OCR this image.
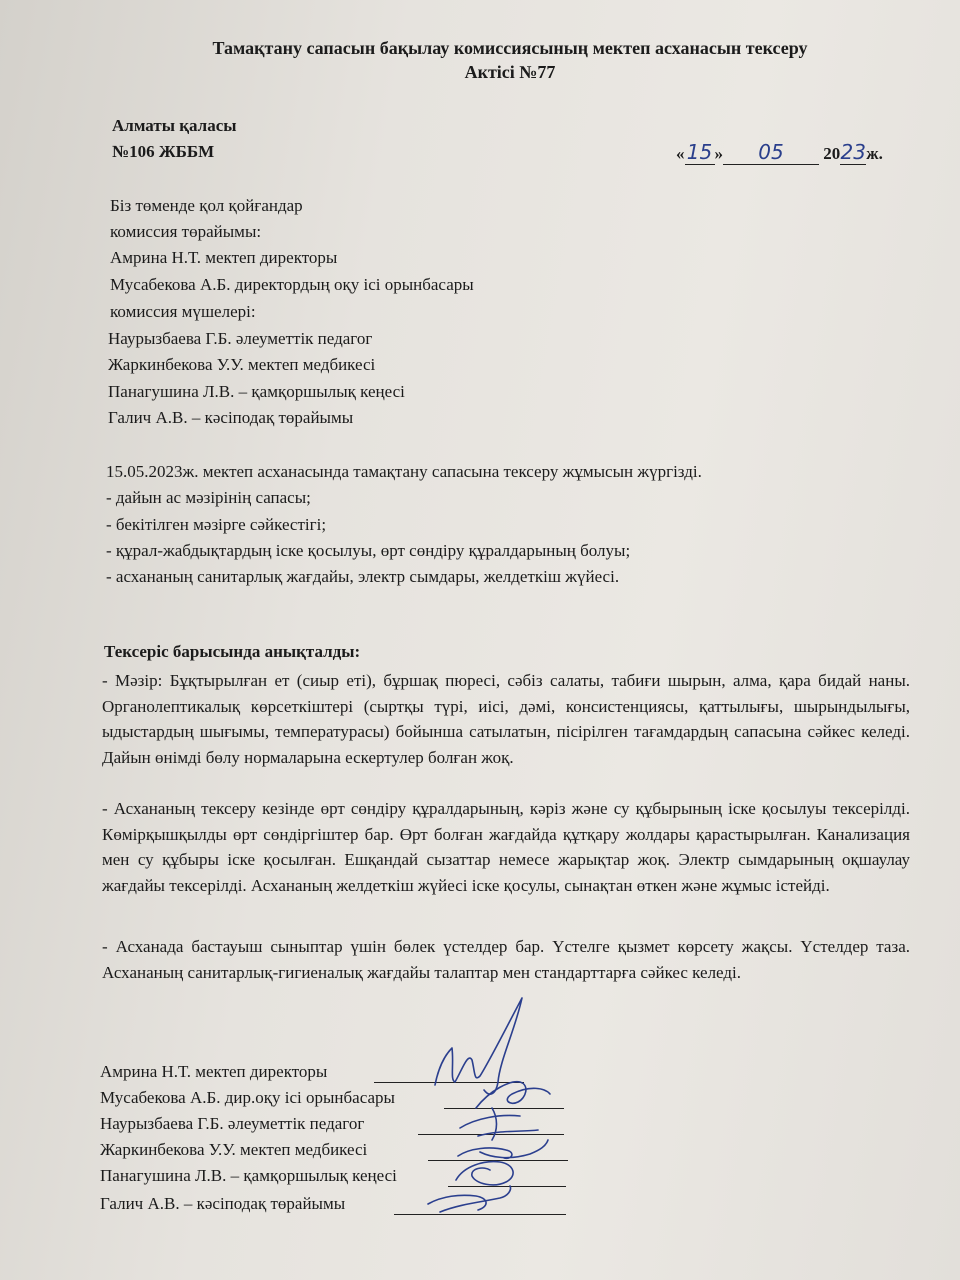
Тамақтану сапасын бақылау комиссиясының мектеп асханасын тексеру
Актісі №77
Алматы қаласы
№106 ЖББМ	« 15 » 05 2023ж.
Біз төменде қол қойғандар
комиссия төрайымы:
Амрина Н.Т. мектеп директоры
Мусабекова А.Б. директордың оқу ісі орынбасары
комиссия мүшелері:
Наурызбаева Г.Б. әлеуметтік педагог
Жаркинбекова У.У. мектеп медбикесі
Панагушина Л.В. – қамқоршылық кеңесі
Галич А.В. – кәсіподақ төрайымы
15.05.2023ж. мектеп асханасында тамақтану сапасына тексеру жұмысын жүргізді.
- дайын ас мәзірінің сапасы;
- бекітілген мәзірге сәйкестігі;
- құрал-жабдықтардың іске қосылуы, өрт сөндіру құралдарының болуы;
- асхананың санитарлық жағдайы, электр сымдары, желдеткіш жүйесі.
Тексеріс барысында анықталды:
- Мәзір: Бұқтырылған ет (сиыр еті), бұршақ пюресі, сәбіз салаты, табиғи шырын, алма, қара бидай наны. Органолептикалық көрсеткіштері (сыртқы түрі, иісі, дәмі, консистенциясы, қаттылығы, шырындылығы, ыдыстардың шығымы, температурасы) бойынша сатылатын, пісірілген тағамдардың сапасына сәйкес келеді. Дайын өнімді бөлу нормаларына ескертулер болған жоқ.
- Асхананың тексеру кезінде өрт сөндіру құралдарының, кәріз және су құбырының іске қосылуы тексерілді. Көмірқышқылды өрт сөндіргіштер бар. Өрт болған жағдайда құтқару жолдары қарастырылған. Канализация мен су құбыры іске қосылған. Ешқандай сызаттар немесе жарықтар жоқ. Электр сымдарының оқшаулау жағдайы тексерілді. Асхананың желдеткіш жүйесі іске қосулы, сынақтан өткен және жұмыс істейді.
- Асханада бастауыш сыныптар үшін бөлек үстелдер бар. Үстелге қызмет көрсету жақсы. Үстелдер таза. Асхананың санитарлық-гигиеналық жағдайы талаптар мен стандарттарға сәйкес келеді.
Амрина Н.Т. мектеп директоры
Мусабекова А.Б. дир.оқу ісі орынбасары
Наурызбаева Г.Б. әлеуметтік педагог
Жаркинбекова У.У. мектеп медбикесі
Панагушина Л.В. – қамқоршылық кеңесі
Галич А.В. – кәсіподақ төрайымы
